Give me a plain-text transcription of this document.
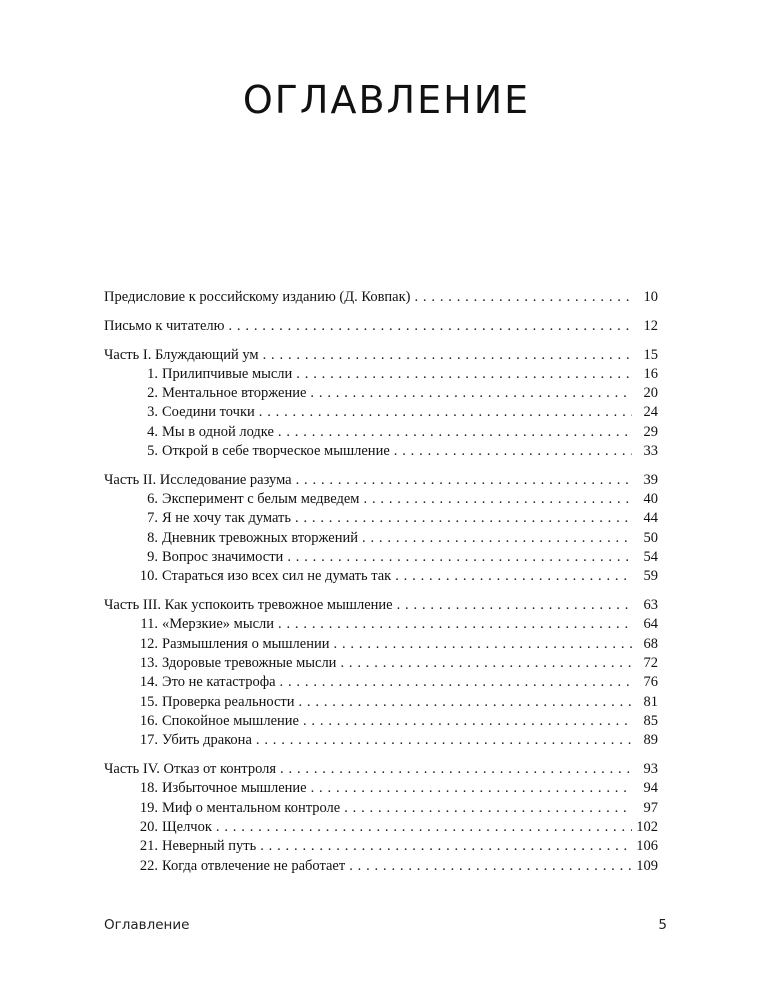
ОГЛАВЛЕНИЕ
Предисловие к российскому изданию (Д. Ковпак) . . .	10
Письмо к читателю . . .	12
Часть I. Блуждающий ум . . .	15
1. Прилипчивые мысли . . .	16
2. Ментальное вторжение . . .	20
3. Соедини точки . . .	24
4. Мы в одной лодке . . .	29
5. Открой в себе творческое мышление . . .	33
Часть II. Исследование разума . . .	39
6. Эксперимент с белым медведем . . .	40
7. Я не хочу так думать . . .	44
8. Дневник тревожных вторжений . . .	50
9. Вопрос значимости . . .	54
10. Стараться изо всех сил не думать так . . .	59
Часть III. Как успокоить тревожное мышление . . .	63
11. «Мерзкие» мысли . . .	64
12. Размышления о мышлении . . .	68
13. Здоровые тревожные мысли . . .	72
14. Это не катастрофа . . .	76
15. Проверка реальности . . .	81
16. Спокойное мышление . . .	85
17. Убить дракона . . .	89
Часть IV. Отказ от контроля . . .	93
18. Избыточное мышление . . .	94
19. Миф о ментальном контроле . . .	97
20. Щелчок . . .	102
21. Неверный путь . . .	106
22. Когда отвлечение не работает . . .	109
Оглавление	5
